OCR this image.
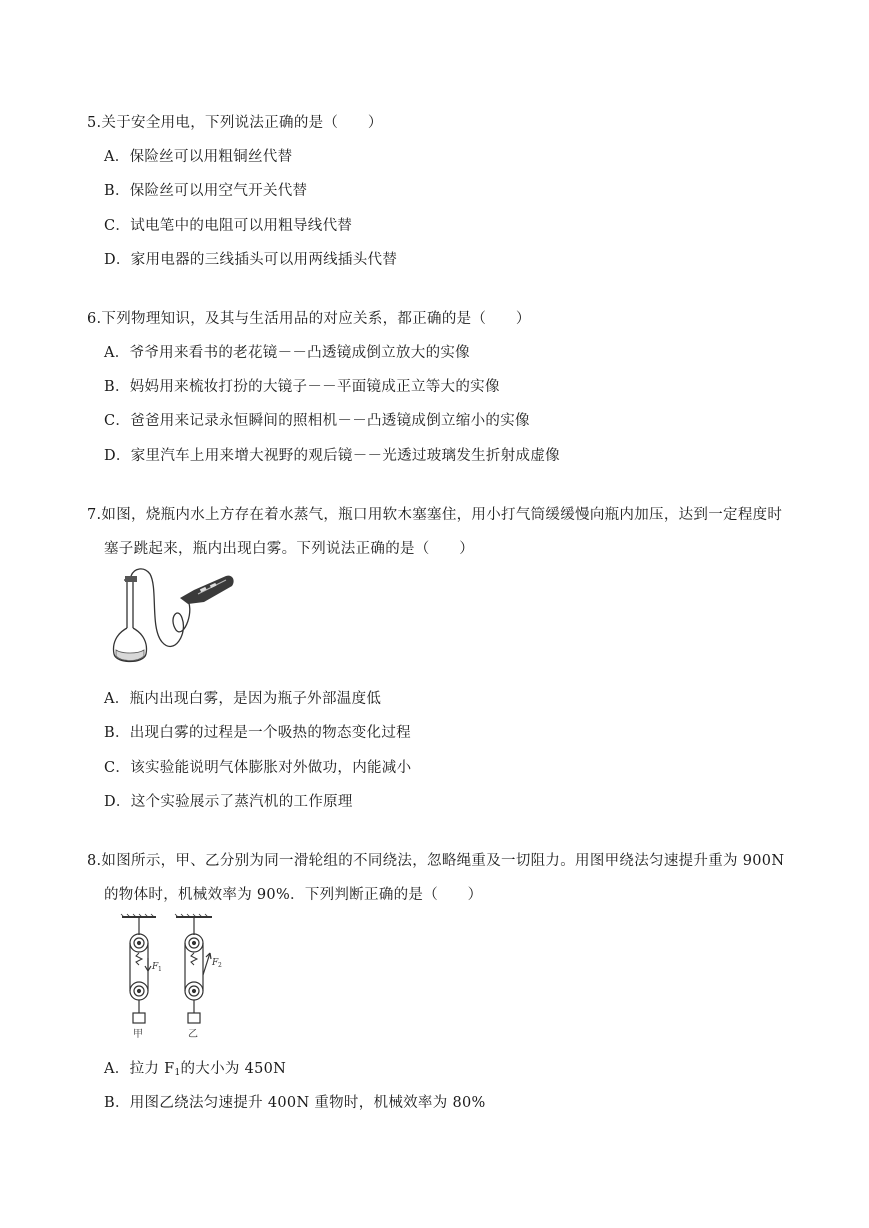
5.关于安全用电，下列说法正确的是（　　）
A．保险丝可以用粗铜丝代替
B．保险丝可以用空气开关代替
C．试电笔中的电阻可以用粗导线代替
D．家用电器的三线插头可以用两线插头代替
6.下列物理知识，及其与生活用品的对应关系，都正确的是（　　）
A．爷爷用来看书的老花镜－－凸透镜成倒立放大的实像
B．妈妈用来梳妆打扮的大镜子－－平面镜成正立等大的实像
C．爸爸用来记录永恒瞬间的照相机－－凸透镜成倒立缩小的实像
D．家里汽车上用来增大视野的观后镜－－光透过玻璃发生折射成虚像
7.如图，烧瓶内水上方存在着水蒸气，瓶口用软木塞塞住，用小打气筒缓缓慢向瓶内加压，达到一定程度时
塞子跳起来，瓶内出现白雾。下列说法正确的是（　　）
A．瓶内出现白雾，是因为瓶子外部温度低
B．出现白雾的过程是一个吸热的物态变化过程
C．该实验能说明气体膨胀对外做功，内能减小
D．这个实验展示了蒸汽机的工作原理
8.如图所示，甲、乙分别为同一滑轮组的不同绕法，忽略绳重及一切阻力。用图甲绕法匀速提升重为 900N
的物体时，机械效率为 90%．下列判断正确的是（　　）
F 1
甲
F 2
乙
A．拉力 $F_1$的大小为 450N
B．用图乙绕法匀速提升 400N 重物时，机械效率为 80%
